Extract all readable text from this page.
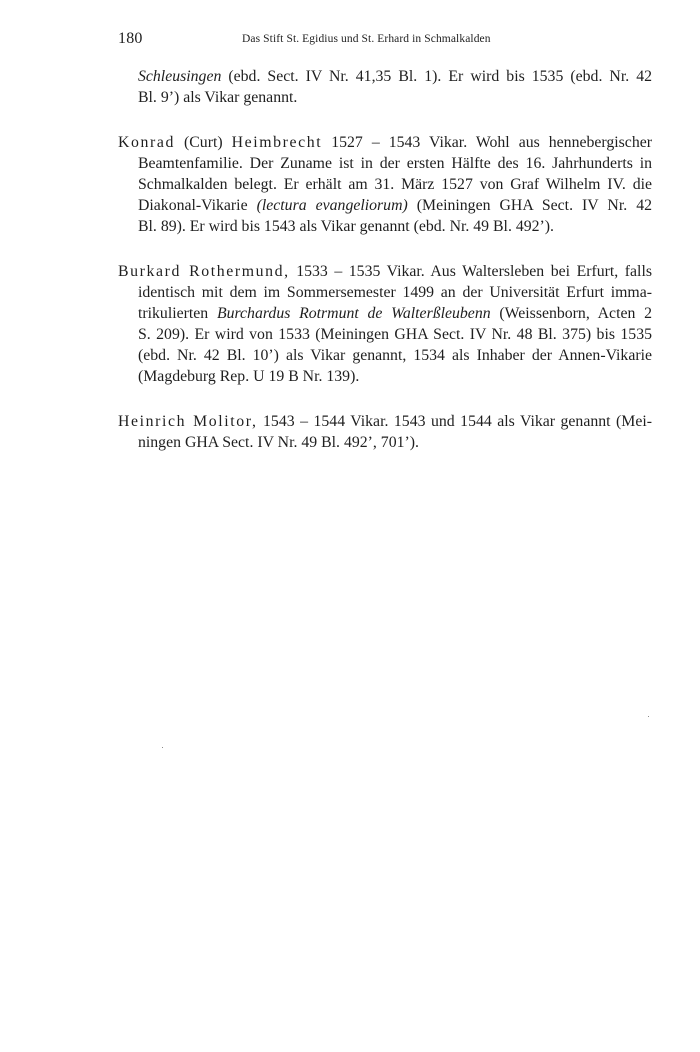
180	Das Stift St. Egidius und St. Erhard in Schmalkalden
Schleusingen (ebd. Sect. IV Nr. 41,35 Bl. 1). Er wird bis 1535 (ebd. Nr. 42
Bl. 9’) als Vikar genannt.
Konrad (Curt) Heimbrecht 1527 – 1543 Vikar. Wohl aus hennebergischer
Beamtenfamilie. Der Zuname ist in der ersten Hälfte des 16. Jahrhunderts in
Schmalkalden belegt. Er erhält am 31. März 1527 von Graf Wilhelm IV. die
Diakonal-Vikarie (lectura evangeliorum) (Meiningen GHA Sect. IV Nr. 42
Bl. 89). Er wird bis 1543 als Vikar genannt (ebd. Nr. 49 Bl. 492’).
Burkard Rothermund, 1533 – 1535 Vikar. Aus Waltersleben bei Erfurt, falls
identisch mit dem im Sommersemester 1499 an der Universität Erfurt imma-
trikulierten Burchardus Rotrmunt de Walterßleubenn (Weissenborn, Acten 2
S. 209). Er wird von 1533 (Meiningen GHA Sect. IV Nr. 48 Bl. 375) bis 1535
(ebd. Nr. 42 Bl. 10’) als Vikar genannt, 1534 als Inhaber der Annen-Vikarie
(Magdeburg Rep. U 19 B Nr. 139).
Heinrich Molitor, 1543 – 1544 Vikar. 1543 und 1544 als Vikar genannt (Mei-
ningen GHA Sect. IV Nr. 49 Bl. 492’, 701’).
